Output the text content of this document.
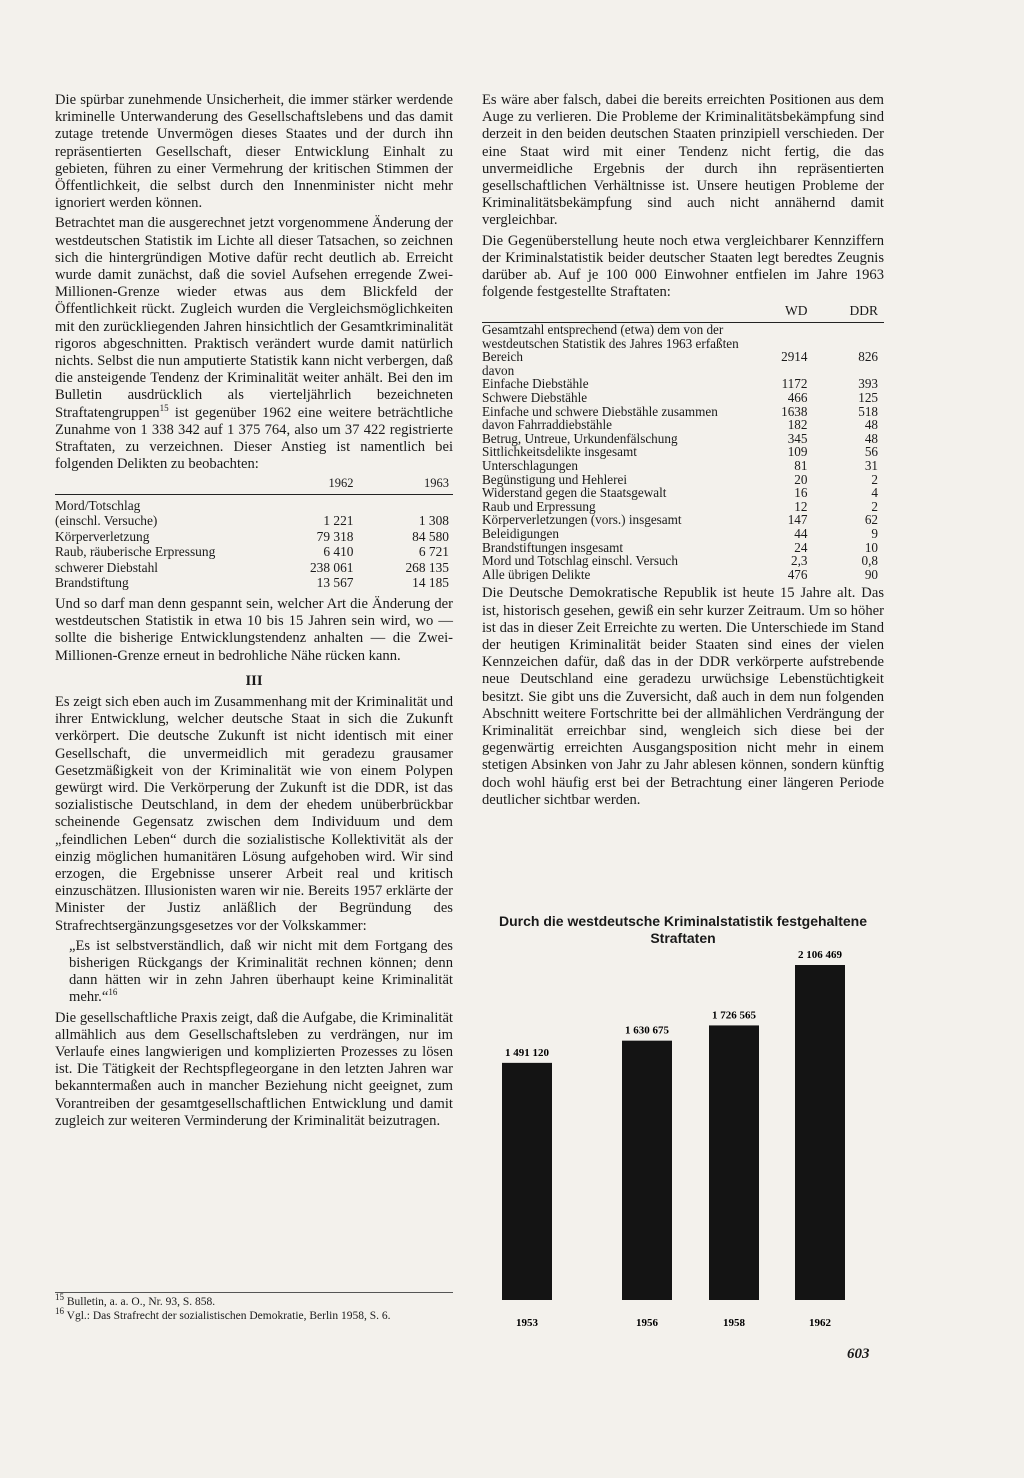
Die spürbar zunehmende Unsicherheit, die immer stärker werdende kriminelle Unterwanderung des Gesellschaftslebens und das damit zutage tretende Unvermögen dieses Staates und der durch ihn repräsentierten Gesellschaft, dieser Entwicklung Einhalt zu gebieten, führen zu einer Vermehrung der kritischen Stimmen der Öffentlichkeit, die selbst durch den Innenminister nicht mehr ignoriert werden können.

Betrachtet man die ausgerechnet jetzt vorgenommene Änderung der westdeutschen Statistik im Lichte all dieser Tatsachen, so zeichnen sich die hintergründigen Motive dafür recht deutlich ab. Erreicht wurde damit zunächst, daß die soviel Aufsehen erregende Zwei-Millionen-Grenze wieder etwas aus dem Blickfeld der Öffentlichkeit rückt. Zugleich wurden die Vergleichsmöglichkeiten mit den zurückliegenden Jahren hinsichtlich der Gesamtkriminalität rigoros abgeschnitten. Praktisch verändert wurde damit natürlich nichts. Selbst die nun amputierte Statistik kann nicht verbergen, daß die ansteigende Tendenz der Kriminalität weiter anhält. Bei den im Bulletin ausdrücklich als vierteljährlich bezeichneten Straftatengruppen$^{15}$ ist gegenüber 1962 eine weitere beträchtliche Zunahme von 1 338 342 auf 1 375 764, also um 37 422 registrierte Straftaten, zu verzeichnen. Dieser Anstieg ist namentlich bei folgenden Delikten zu beobachten:

	1962	1963
Mord/Totschlag		
(einschl. Versuche)	1 221	1 308
Körperverletzung	79 318	84 580
Raub, räuberische Erpressung	6 410	6 721
schwerer Diebstahl	238 061	268 135
Brandstiftung	13 567	14 185

Und so darf man denn gespannt sein, welcher Art die Änderung der westdeutschen Statistik in etwa 10 bis 15 Jahren sein wird, wo — sollte die bisherige Entwicklungstendenz anhalten — die Zwei-Millionen-Grenze erneut in bedrohliche Nähe rücken kann.

III

Es zeigt sich eben auch im Zusammenhang mit der Kriminalität und ihrer Entwicklung, welcher deutsche Staat in sich die Zukunft verkörpert. Die deutsche Zukunft ist nicht identisch mit einer Gesellschaft, die unvermeidlich mit geradezu grausamer Gesetzmäßigkeit von der Kriminalität wie von einem Polypen gewürgt wird. Die Verkörperung der Zukunft ist die DDR, ist das sozialistische Deutschland, in dem der ehedem unüberbrückbar scheinende Gegensatz zwischen dem Individuum und dem „feindlichen Leben“ durch die sozialistische Kollektivität als der einzig möglichen humanitären Lösung aufgehoben wird. Wir sind erzogen, die Ergebnisse unserer Arbeit real und kritisch einzuschätzen. Illusionisten waren wir nie. Bereits 1957 erklärte der Minister der Justiz anläßlich der Begründung des Strafrechtsergänzungsgesetzes vor der Volkskammer:

„Es ist selbstverständlich, daß wir nicht mit dem Fortgang des bisherigen Rückgangs der Kriminalität rechnen können; denn dann hätten wir in zehn Jahren überhaupt keine Kriminalität mehr.“$^{16}$

Die gesellschaftliche Praxis zeigt, daß die Aufgabe, die Kriminalität allmählich aus dem Gesellschaftsleben zu verdrängen, nur im Verlaufe eines langwierigen und komplizierten Prozesses zu lösen ist. Die Tätigkeit der Rechtspflegeorgane in den letzten Jahren war bekanntermaßen auch in mancher Beziehung nicht geeignet, zum Vorantreiben der gesamtgesellschaftlichen Entwicklung und damit zugleich zur weiteren Verminderung der Kriminalität beizutragen.

$^{15}$ Bulletin, a. a. O., Nr. 93, S. 858.
$^{16}$ Vgl.: Das Strafrecht der sozialistischen Demokratie, Berlin 1958, S. 6.

Es wäre aber falsch, dabei die bereits erreichten Positionen aus dem Auge zu verlieren. Die Probleme der Kriminalitätsbekämpfung sind derzeit in den beiden deutschen Staaten prinzipiell verschieden. Der eine Staat wird mit einer Tendenz nicht fertig, die das unvermeidliche Ergebnis der durch ihn repräsentierten gesellschaftlichen Verhältnisse ist. Unsere heutigen Probleme der Kriminalitätsbekämpfung sind auch nicht annähernd damit vergleichbar.

Die Gegenüberstellung heute noch etwa vergleichbarer Kennziffern der Kriminalstatistik beider deutscher Staaten legt beredtes Zeugnis darüber ab. Auf je 100 000 Einwohner entfielen im Jahre 1963 folgende festgestellte Straftaten:

	WD	DDR
Gesamtzahl entsprechend (etwa) dem von der westdeutschen Statistik des Jahres 1963 erfaßten Bereich	2914	826
davon		
Einfache Diebstähle	1172	393
Schwere Diebstähle	466	125
Einfache und schwere Diebstähle zusammen	1638	518
davon Fahrraddiebstähle	182	48
Betrug, Untreue, Urkundenfälschung	345	48
Sittlichkeitsdelikte insgesamt	109	56
Unterschlagungen	81	31
Begünstigung und Hehlerei	20	2
Widerstand gegen die Staatsgewalt	16	4
Raub und Erpressung	12	2
Körperverletzungen (vors.) insgesamt	147	62
Beleidigungen	44	9
Brandstiftungen insgesamt	24	10
Mord und Totschlag einschl. Versuch	2,3	0,8
Alle übrigen Delikte	476	90

Die Deutsche Demokratische Republik ist heute 15 Jahre alt. Das ist, historisch gesehen, gewiß ein sehr kurzer Zeitraum. Um so höher ist das in dieser Zeit Erreichte zu werten. Die Unterschiede im Stand der heutigen Kriminalität beider Staaten sind eines der vielen Kennzeichen dafür, daß das in der DDR verkörperte aufstrebende neue Deutschland eine geradezu urwüchsige Lebenstüchtigkeit besitzt. Sie gibt uns die Zuversicht, daß auch in dem nun folgenden Abschnitt weitere Fortschritte bei der allmählichen Verdrängung der Kriminalität erreichbar sind, wengleich sich diese bei der gegenwärtig erreichten Ausgangsposition nicht mehr in einem stetigen Absinken von Jahr zu Jahr ablesen können, sondern künftig doch wohl häufig erst bei der Betrachtung einer längeren Periode deutlicher sichtbar werden.

Durch die westdeutsche Kriminalstatistik festgehaltene Straftaten
1 491 120
1953
1 630 675
1956
1 726 565
1958
2 106 469
1962
603
